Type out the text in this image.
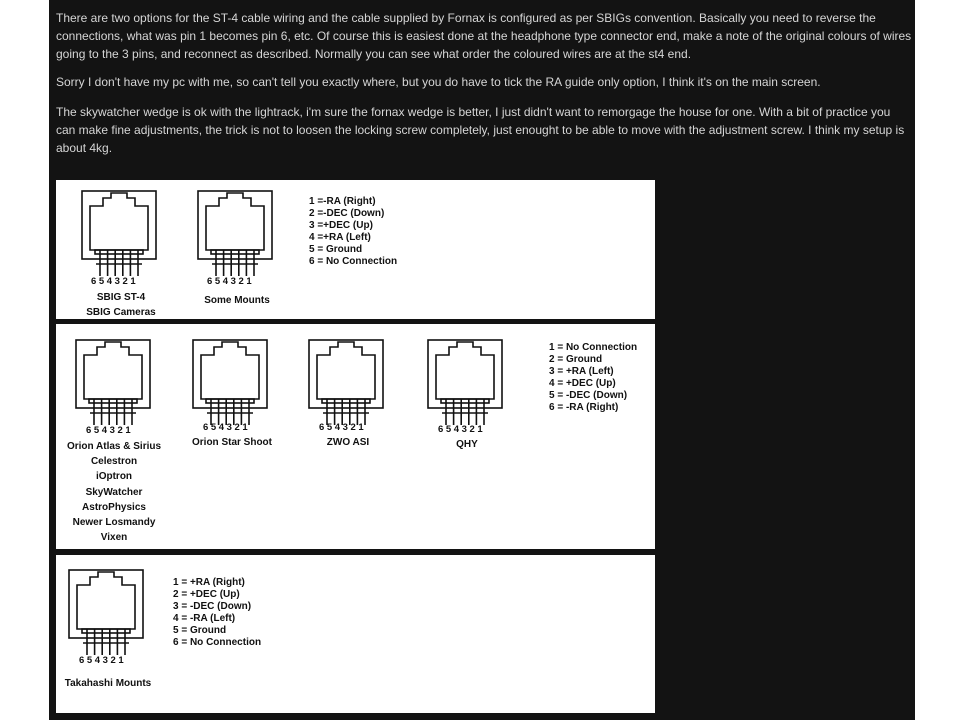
There are two options for the ST-4 cable wiring and the cable supplied by Fornax is configured as per SBIGs convention. Basically you need to reverse the connections, what was pin 1 becomes pin 6, etc. Of course this is easiest done at the headphone type connector end, make a note of the original colours of wires going to the 3 pins, and reconnect as described. Normally you can see what order the coloured wires are at the st4 end.

Sorry I don't have my pc with me, so can't tell you exactly where, but you do have to tick the RA guide only option, I think it's on the main screen.

The skywatcher wedge is ok with the lightrack, i'm sure the fornax wedge is better, I just didn't want to remorgage the house for one. With a bit of practice you can make fine adjustments, the trick is not to loosen the locking screw completely, just enought to be able to move with the adjustment screw. I think my setup is about 4kg.

654321
SBIG ST-4
SBIG Cameras
654321
Some Mounts
1 =-RA (Right)
2 =-DEC (Down)
3 =+DEC (Up)
4 =+RA (Left)
5 = Ground
6 = No Connection
654321
Orion Atlas & Sirius
Celestron
iOptron
SkyWatcher
AstroPhysics
Newer Losmandy
Vixen
654321
Orion Star Shoot
654321
ZWO ASI
654321
QHY
1 = No Connection
2 = Ground
3 = +RA (Left)
4 = +DEC (Up)
5 = -DEC (Down)
6 = -RA (Right)
654321
Takahashi Mounts
1 = +RA (Right)
2 = +DEC (Up)
3 = -DEC (Down)
4 = -RA (Left)
5 = Ground
6 = No Connection
